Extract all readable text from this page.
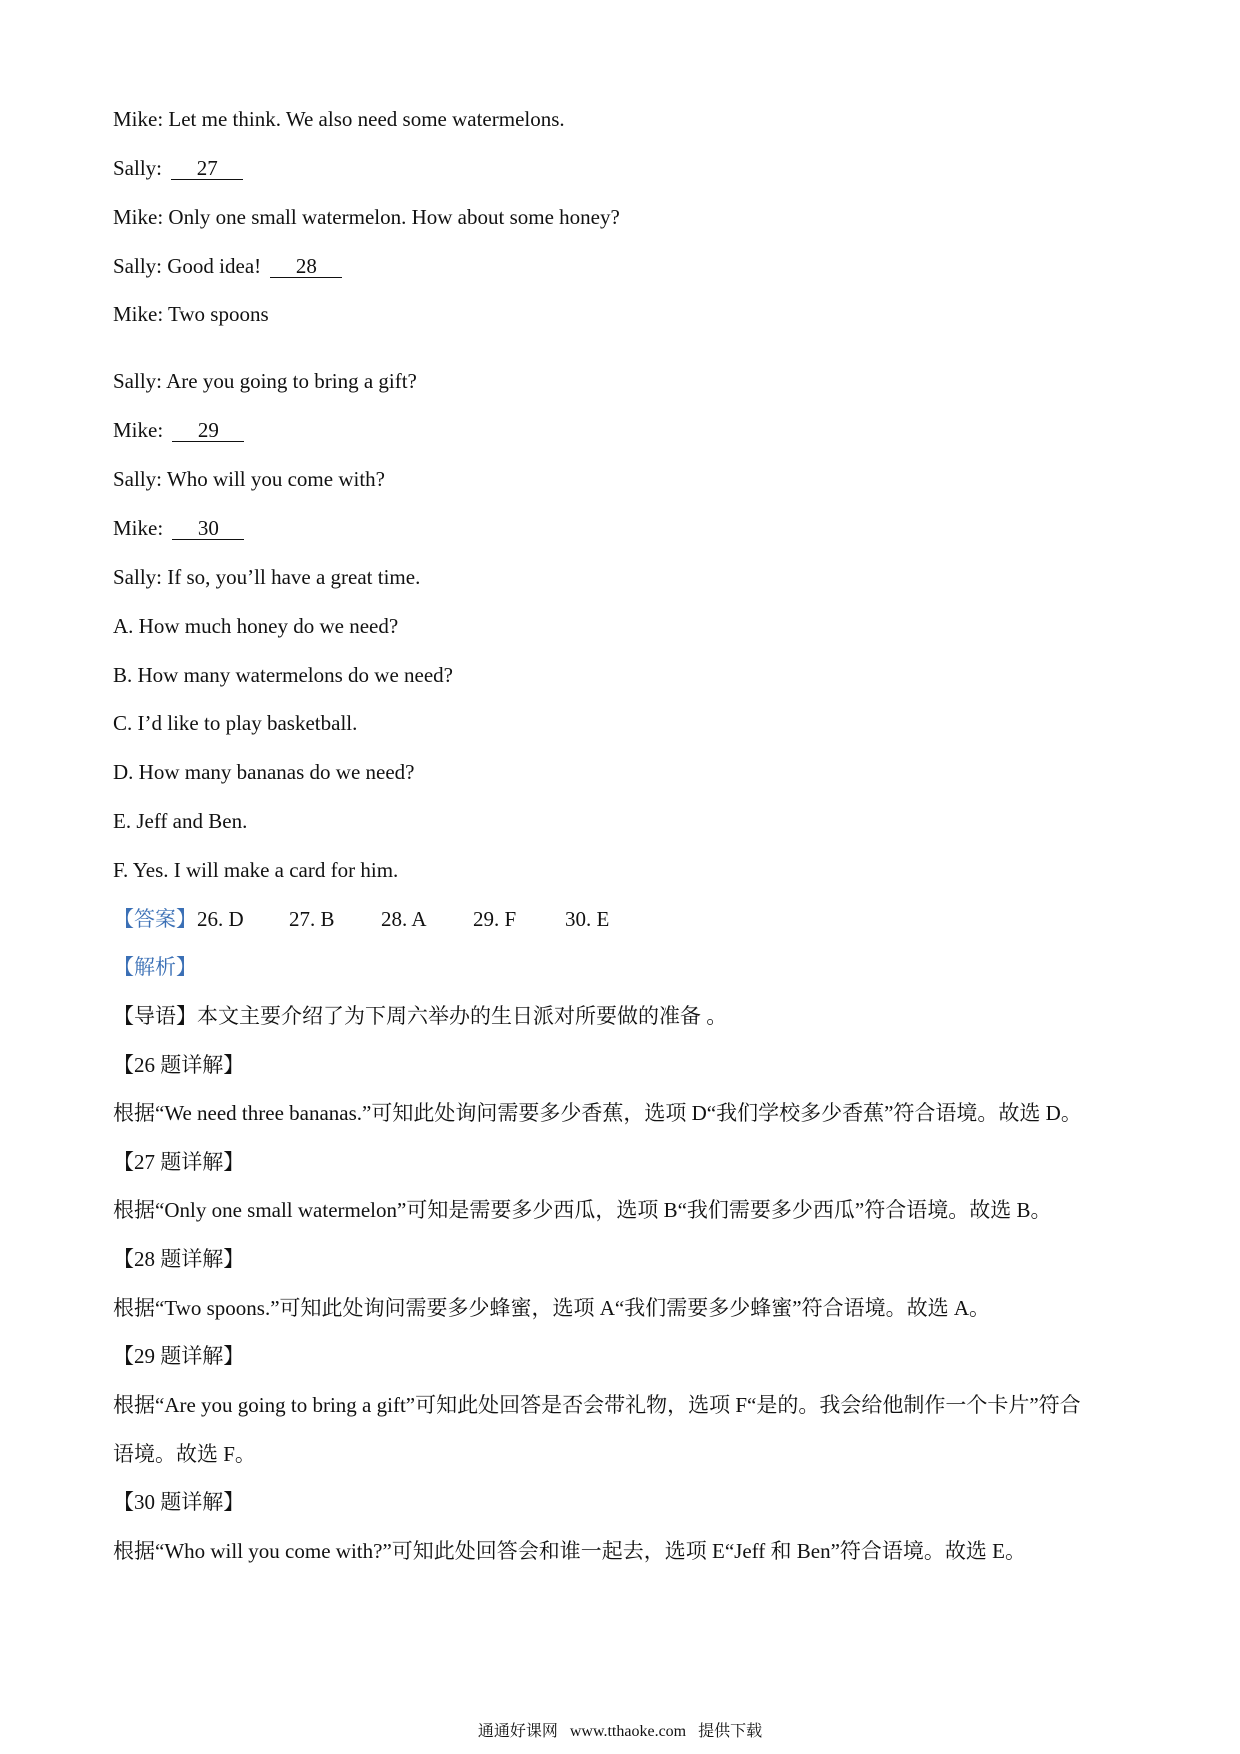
Mike: Let me think. We also need some watermelons.
Sally: 27
Mike: Only one small watermelon. How about some honey?
Sally: Good idea! 28
Mike: Two spoons
Sally: Are you going to bring a gift?
Mike: 29
Sally: Who will you come with?
Mike: 30
Sally: If so, you’ll have a great time.
A. How much honey do we need?
B. How many watermelons do we need?
C. I’d like to play basketball.
D. How many bananas do we need?
E. Jeff and Ben.
F. Yes. I will make a card for him.
【答案】26. D 27. B 28. A 29. F 30. E
【解析】
【导语】本文主要介绍了为下周六举办的生日派对所要做的准备 。
【26 题详解】
根据“We need three bananas.”可知此处询问需要多少香蕉，选项 D“我们学校多少香蕉”符合语境。故选 D。
【27 题详解】
根据“Only one small watermelon”可知是需要多少西瓜，选项 B“我们需要多少西瓜”符合语境。故选 B。
【28 题详解】
根据“Two spoons.”可知此处询问需要多少蜂蜜，选项 A“我们需要多少蜂蜜”符合语境。故选 A。
【29 题详解】
根据“Are you going to bring a gift”可知此处回答是否会带礼物，选项 F“是的。我会给他制作一个卡片”符合
语境。故选 F。
【30 题详解】
根据“Who will you come with?”可知此处回答会和谁一起去，选项 E“Jeff 和 Ben”符合语境。故选 E。
通通好课网 www.tthaoke.com 提供下载
